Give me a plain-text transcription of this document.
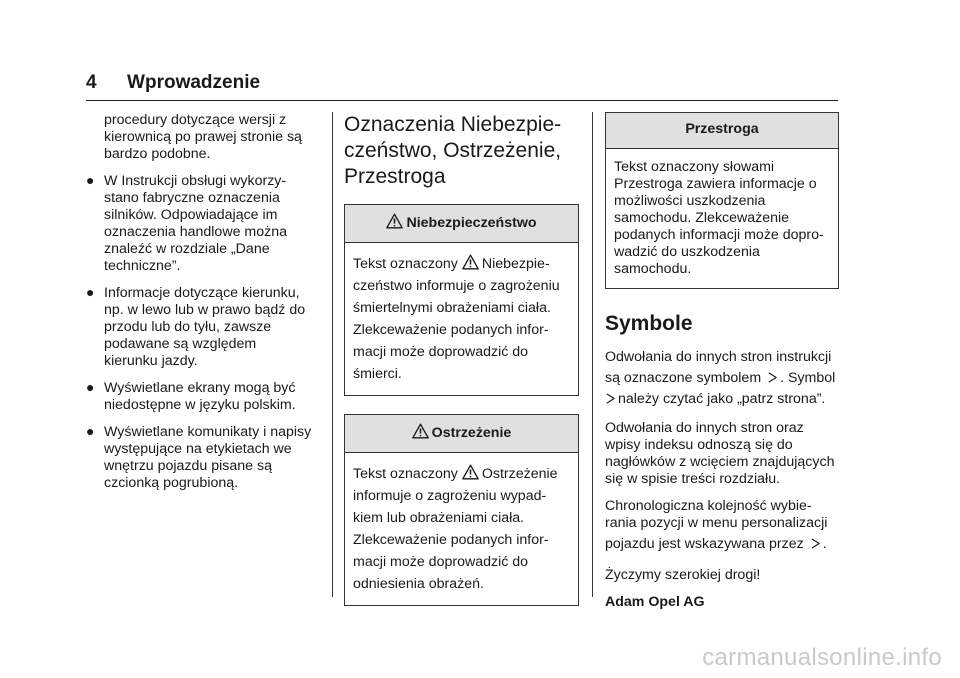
4 Wprowadzenie
procedury dotyczące wersji z
kierownicą po prawej stronie są
bardzo podobne.
● W Instrukcji obsługi wykorzy-
stano fabryczne oznaczenia
silników. Odpowiadające im
oznaczenia handlowe można
znaleźć w rozdziale „Dane
techniczne”.
● Informacje dotyczące kierunku,
np. w lewo lub w prawo bądź do
przodu lub do tyłu, zawsze
podawane są względem
kierunku jazdy.
● Wyświetlane ekrany mogą być
niedostępne w języku polskim.
● Wyświetlane komunikaty i napisy
występujące na etykietach we
wnętrzu pojazdu pisane są
czcionką pogrubioną.
Oznaczenia Niebezpie-
czeństwo, Ostrzeżenie,
Przestroga
Niebezpieczeństwo
Tekst oznaczony Niebezpie-
czeństwo informuje o zagrożeniu
śmiertelnymi obrażeniami ciała.
Zlekceważenie podanych infor-
macji może doprowadzić do
śmierci.
Ostrzeżenie
Tekst oznaczony Ostrzeżenie
informuje o zagrożeniu wypad-
kiem lub obrażeniami ciała.
Zlekceważenie podanych infor-
macji może doprowadzić do
odniesienia obrażeń.
Przestroga
Tekst oznaczony słowami
Przestroga zawiera informacje o
możliwości uszkodzenia
samochodu. Zlekceważenie
podanych informacji może dopro-
wadzić do uszkodzenia
samochodu.
Symbole
Odwołania do innych stron instrukcji
są oznaczone symbolem . Symbol
należy czytać jako „patrz strona”.
Odwołania do innych stron oraz
wpisy indeksu odnoszą się do
nagłówków z wcięciem znajdujących
się w spisie treści rozdziału.
Chronologiczna kolejność wybie-
rania pozycji w menu personalizacji
pojazdu jest wskazywana przez .
Życzymy szerokiej drogi!
Adam Opel AG
carmanualsonline.info
